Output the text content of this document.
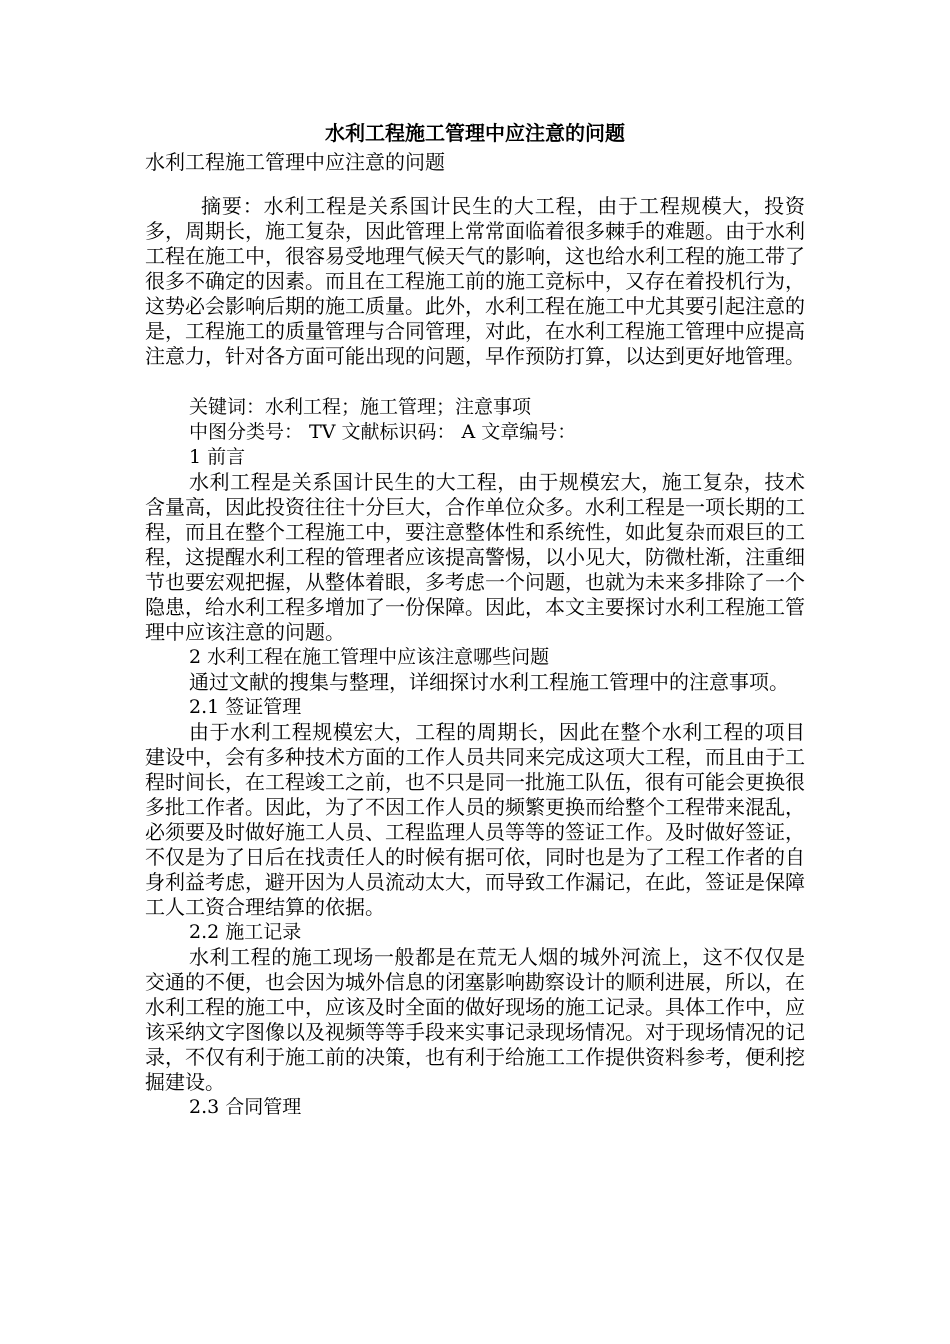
水利工程施工管理中应注意的问题
水利工程施工管理中应注意的问题

摘要：水利工程是关系国计民生的大工程，由于工程规模大，投资多，周期长，施工复杂，因此管理上常常面临着很多棘手的难题。由于水利工程在施工中，很容易受地理气候天气的影响，这也给水利工程的施工带了很多不确定的因素。而且在工程施工前的施工竞标中，又存在着投机行为，这势必会影响后期的施工质量。此外，水利工程在施工中尤其要引起注意的是，工程施工的质量管理与合同管理，对此，在水利工程施工管理中应提高注意力，针对各方面可能出现的问题，早作预防打算，以达到更好地管理。

关键词：水利工程；施工管理；注意事项
中图分类号： TV 文献标识码： A 文章编号：
1 前言

水利工程是关系国计民生的大工程，由于规模宏大，施工复杂，技术含量高，因此投资往往十分巨大，合作单位众多。水利工程是一项长期的工程，而且在整个工程施工中，要注意整体性和系统性，如此复杂而艰巨的工程，这提醒水利工程的管理者应该提高警惕，以小见大，防微杜渐，注重细节也要宏观把握，从整体着眼，多考虑一个问题，也就为未来多排除了一个隐患，给水利工程多增加了一份保障。因此，本文主要探讨水利工程施工管理中应该注意的问题。

2 水利工程在施工管理中应该注意哪些问题

通过文献的搜集与整理，详细探讨水利工程施工管理中的注意事项。

2.1 签证管理

由于水利工程规模宏大，工程的周期长，因此在整个水利工程的项目建设中，会有多种技术方面的工作人员共同来完成这项大工程，而且由于工程时间长，在工程竣工之前，也不只是同一批施工队伍，很有可能会更换很多批工作者。因此，为了不因工作人员的频繁更换而给整个工程带来混乱，必须要及时做好施工人员、工程监理人员等等的签证工作。及时做好签证，不仅是为了日后在找责任人的时候有据可依，同时也是为了工程工作者的自身利益考虑，避开因为人员流动太大，而导致工作漏记，在此，签证是保障工人工资合理结算的依据。

2.2 施工记录

水利工程的施工现场一般都是在荒无人烟的城外河流上，这不仅仅是交通的不便，也会因为城外信息的闭塞影响勘察设计的顺利进展，所以，在水利工程的施工中，应该及时全面的做好现场的施工记录。具体工作中，应该采纳文字图像以及视频等等手段来实事记录现场情况。对于现场情况的记录，不仅有利于施工前的决策，也有利于给施工工作提供资料参考，便利挖掘建设。

2.3 合同管理
